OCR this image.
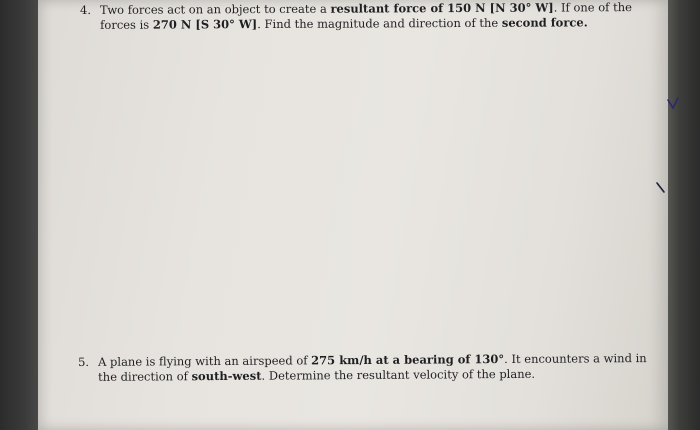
4. Two forces act on an object to create a resultant force of 150 N [N 30° W]. If one of the forces is 270 N [S 30° W]. Find the magnitude and direction of the second force.
5. A plane is flying with an airspeed of 275 km/h at a bearing of 130°. It encounters a wind in the direction of south-west. Determine the resultant velocity of the plane.
